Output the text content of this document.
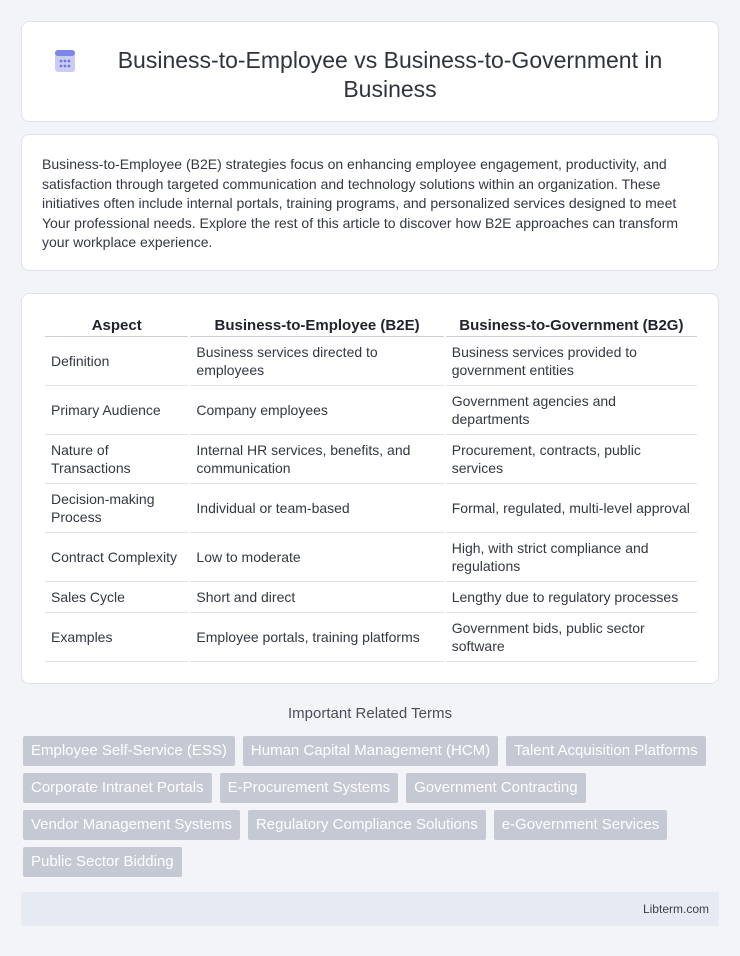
Business-to-Employee vs Business-to-Government in Business

Business-to-Employee (B2E) strategies focus on enhancing employee engagement, productivity, and satisfaction through targeted communication and technology solutions within an organization. These initiatives often include internal portals, training programs, and personalized services designed to meet Your professional needs. Explore the rest of this article to discover how B2E approaches can transform your workplace experience.

Aspect	Business-to-Employee (B2E)	Business-to-Government (B2G)
Definition	Business services directed to employees	Business services provided to government entities
Primary Audience	Company employees	Government agencies and departments
Nature of Transactions	Internal HR services, benefits, and communication	Procurement, contracts, public services
Decision-making Process	Individual or team-based	Formal, regulated, multi-level approval
Contract Complexity	Low to moderate	High, with strict compliance and regulations
Sales Cycle	Short and direct	Lengthy due to regulatory processes
Examples	Employee portals, training platforms	Government bids, public sector software
Important Related Terms
Employee Self-Service (ESS)	Human Capital Management (HCM)	Talent Acquisition Platforms
Corporate Intranet Portals	E-Procurement Systems	Government Contracting
Vendor Management Systems	Regulatory Compliance Solutions	e-Government Services
Public Sector Bidding
Libterm.com
